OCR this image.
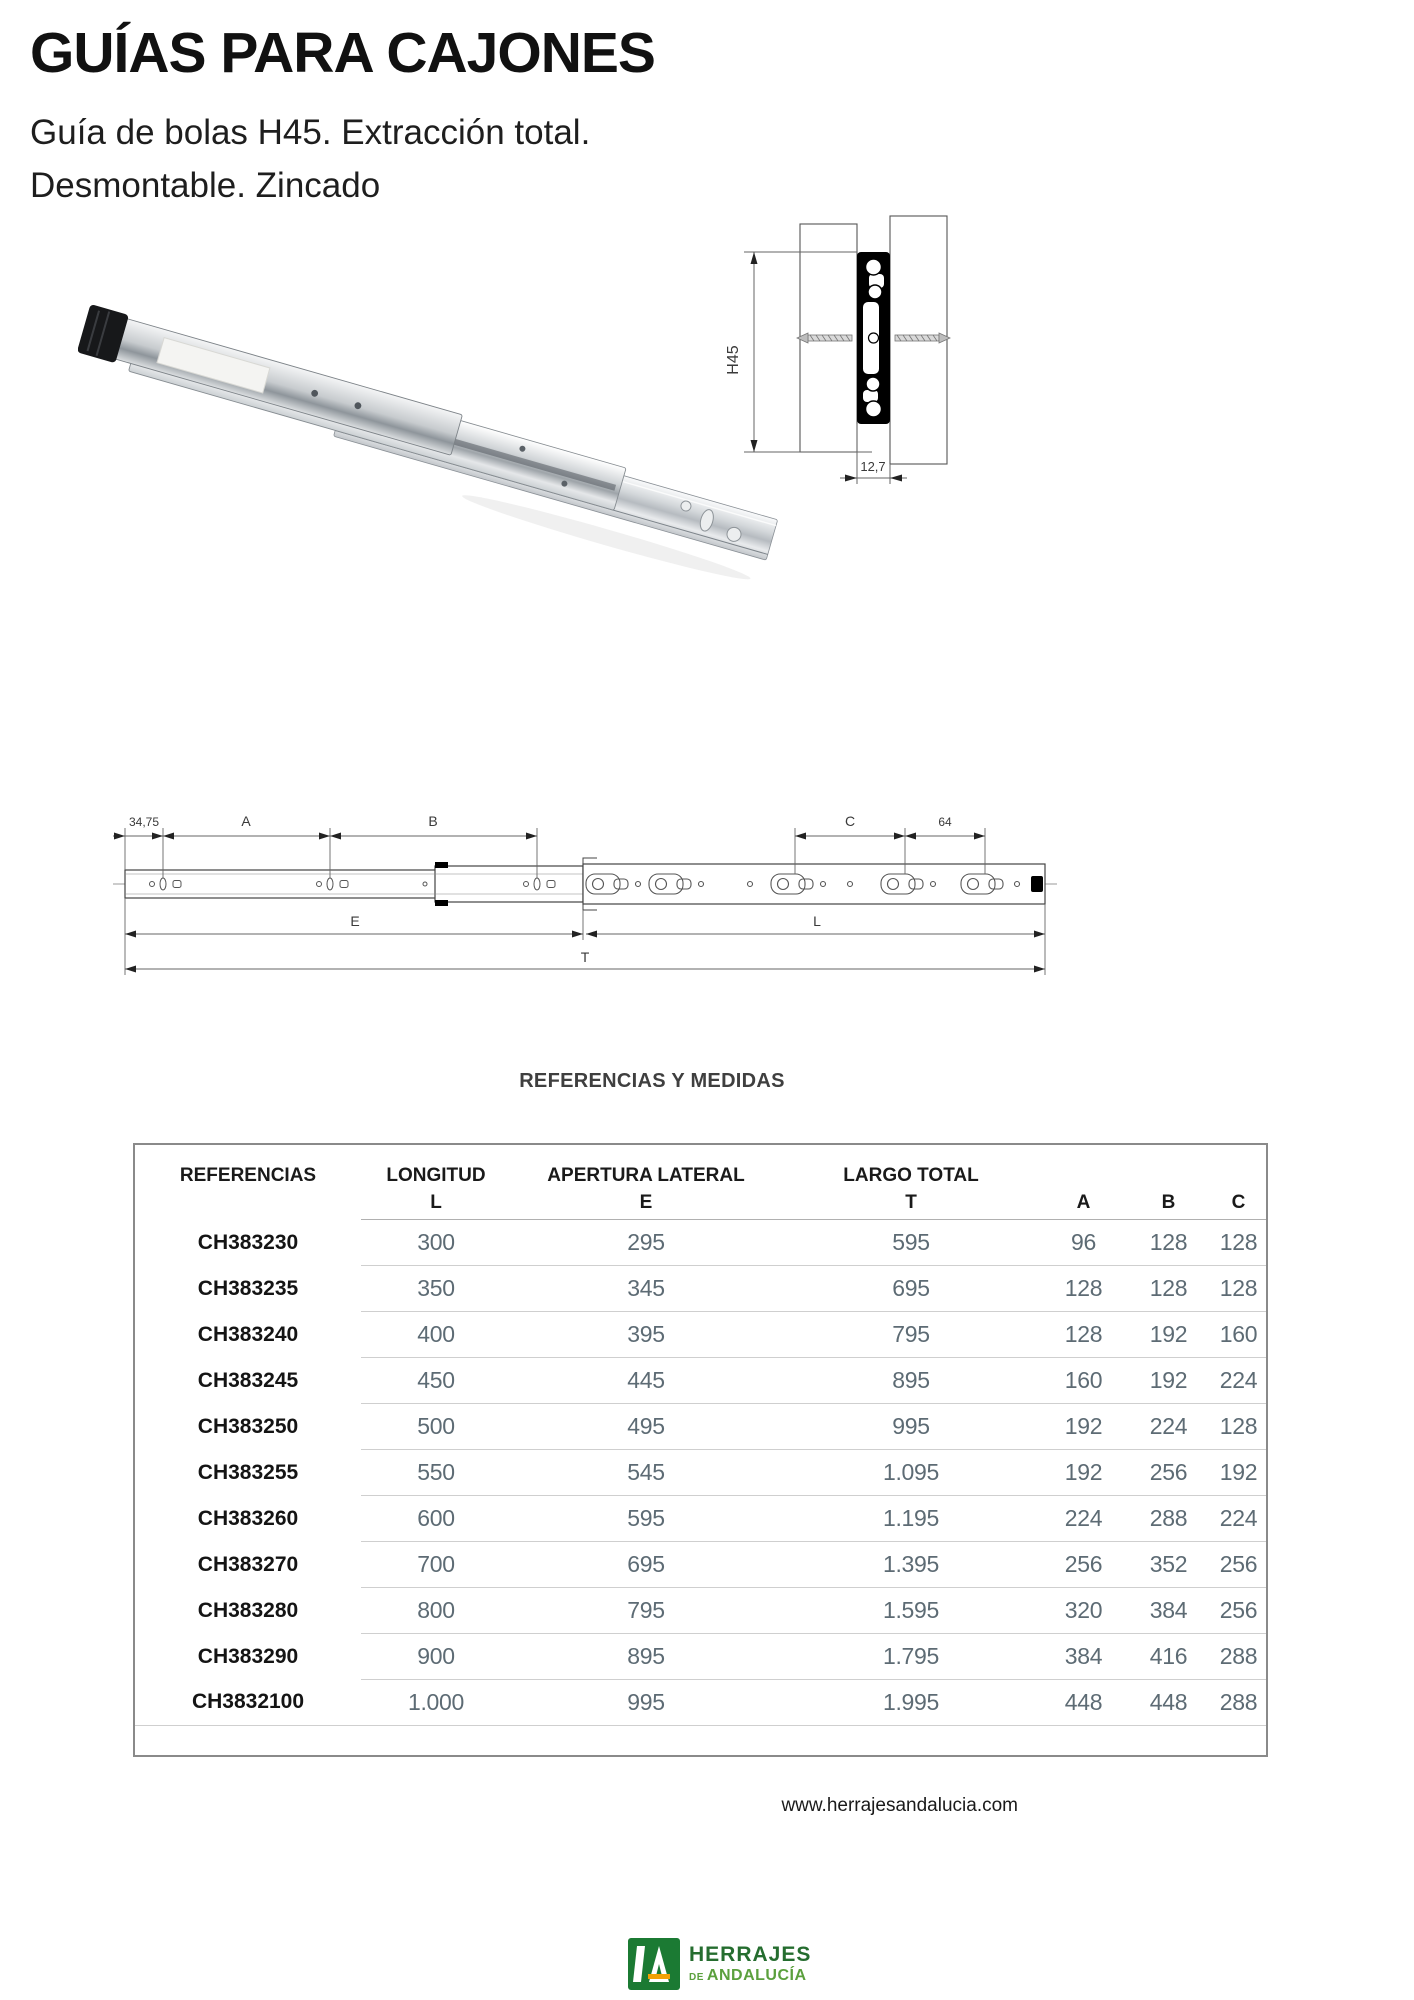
GUÍAS PARA CAJONES
Guía de bolas H45. Extracción total.
Desmontable. Zincado
H45
12,7
34,75	A	B	C	64
E	L
T
REFERENCIAS Y MEDIDAS
REFERENCIAS	LONGITUD
L

APERTURA LATERAL
E

LARGO TOTAL
T	A	B	C

CH383230	300	295	595	96	128	128
CH383235	350	345	695	128	128	128
CH383240	400	395	795	128	192	160
CH383245	450	445	895	160	192	224
CH383250	500	495	995	192	224	128
CH383255	550	545	1.095	192	256	192
CH383260	600	595	1.195	224	288	224
CH383270	700	695	1.395	256	352	256
CH383280	800	795	1.595	320	384	256
CH383290	900	895	1.795	384	416	288
CH3832100	1.000	995	1.995	448	448	288
www.herrajesandalucia.com
HERRAJES
DE ANDALUCÍA
